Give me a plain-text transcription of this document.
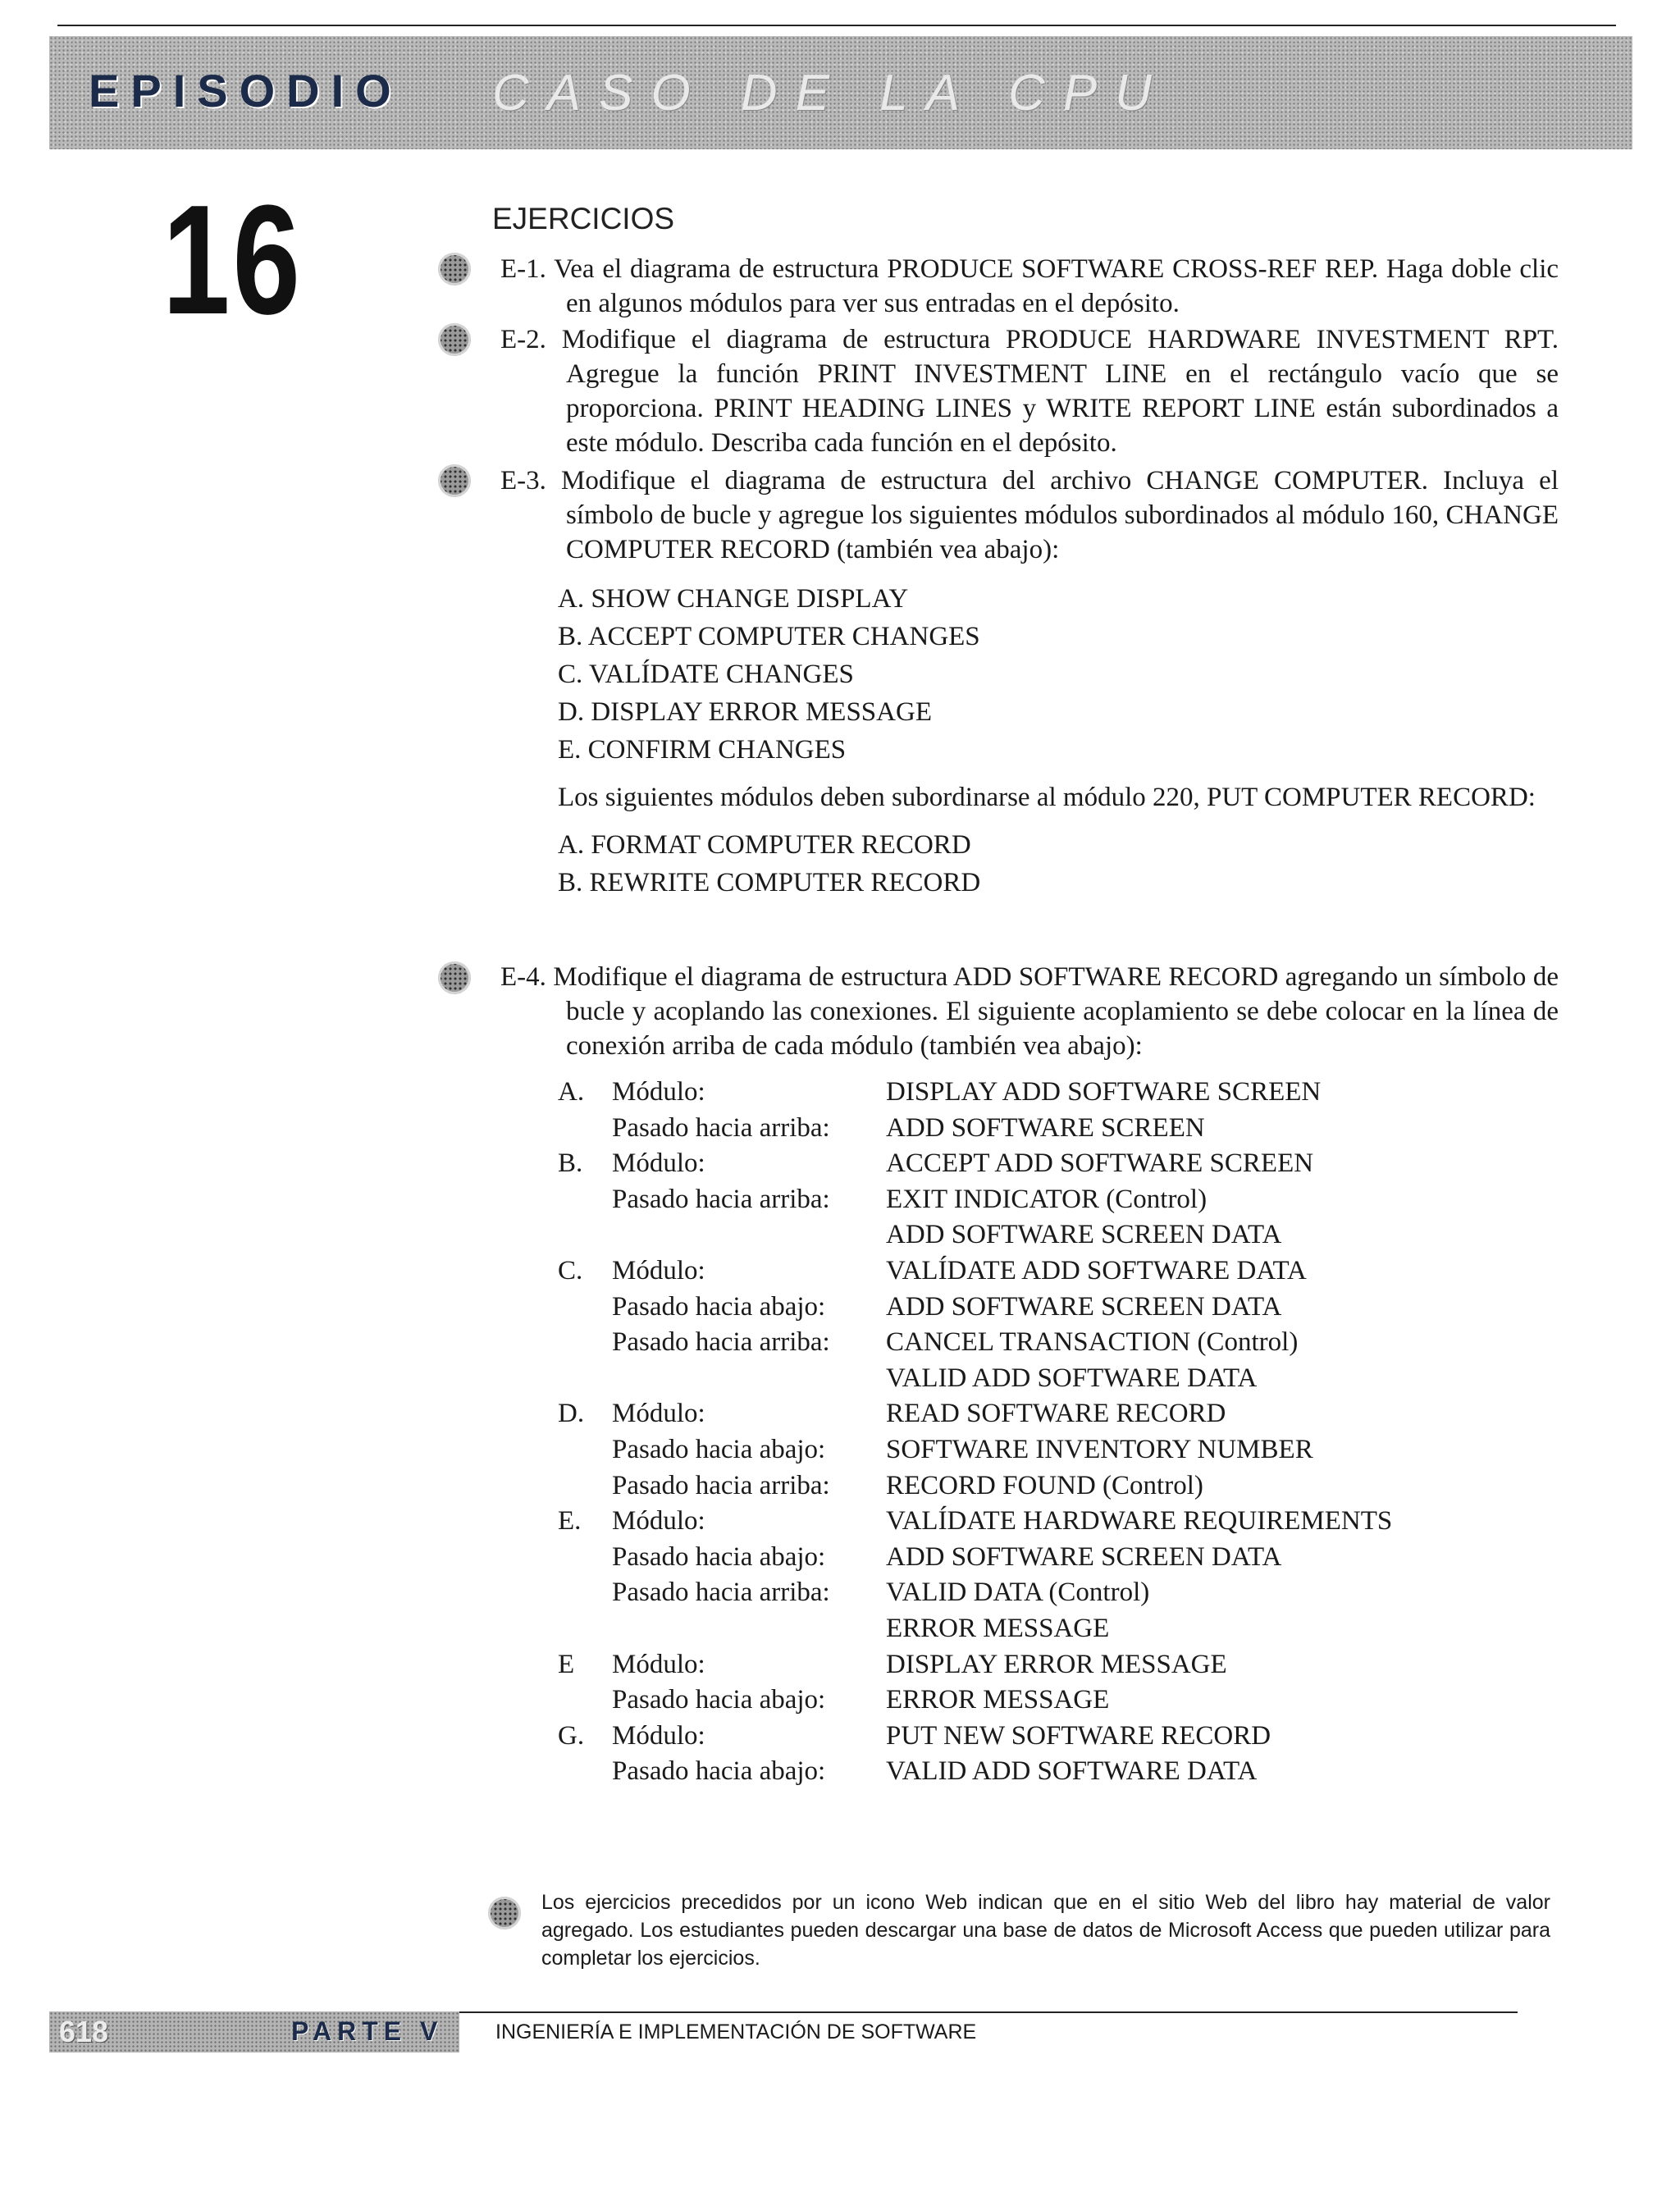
EPISODIO CASO DE LA CPU
16	EJERCICIOS

E-1. Vea el diagrama de estructura PRODUCE SOFTWARE CROSS-REF REP. Haga doble clic en algunos módulos para ver sus entradas en el depósito.

E-2. Modifique el diagrama de estructura PRODUCE HARDWARE INVESTMENT RPT. Agregue la función PRINT INVESTMENT LINE en el rectángulo vacío que se proporciona. PRINT HEADING LINES y WRITE REPORT LINE están subordinados a este módulo. Describa cada función en el depósito.

E-3. Modifique el diagrama de estructura del archivo CHANGE COMPUTER. Incluya el símbolo de bucle y agregue los siguientes módulos subordinados al módulo 160, CHANGE COMPUTER RECORD (también vea abajo):

A. SHOW CHANGE DISPLAY
B. ACCEPT COMPUTER CHANGES
C. VALÍDATE CHANGES
D. DISPLAY ERROR MESSAGE
E. CONFIRM CHANGES
Los siguientes módulos deben subordinarse al módulo 220, PUT COMPUTER RECORD:
A. FORMAT COMPUTER RECORD
B. REWRITE COMPUTER RECORD

E-4. Modifique el diagrama de estructura ADD SOFTWARE RECORD agregando un símbolo de bucle y acoplando las conexiones. El siguiente acoplamiento se debe colocar en la línea de conexión arriba de cada módulo (también vea abajo):

A. Módulo:	DISPLAY ADD SOFTWARE SCREEN
Pasado hacia arriba: ADD SOFTWARE SCREEN
B. Módulo:	ACCEPT ADD SOFTWARE SCREEN
Pasado hacia arriba: EXIT INDICATOR (Control)
ADD SOFTWARE SCREEN DATA
C. Módulo:	VALÍDATE ADD SOFTWARE DATA
Pasado hacia abajo: ADD SOFTWARE SCREEN DATA
Pasado hacia arriba: CANCEL TRANSACTION (Control)
VALID ADD SOFTWARE DATA
D. Módulo:	READ SOFTWARE RECORD
Pasado hacia abajo: SOFTWARE INVENTORY NUMBER
Pasado hacia arriba: RECORD FOUND (Control)
E. Módulo:	VALÍDATE HARDWARE REQUIREMENTS
Pasado hacia abajo: ADD SOFTWARE SCREEN DATA
Pasado hacia arriba: VALID DATA (Control)
ERROR MESSAGE
E Módulo:	DISPLAY ERROR MESSAGE
Pasado hacia abajo: ERROR MESSAGE
G. Módulo:	PUT NEW SOFTWARE RECORD
Pasado hacia abajo: VALID ADD SOFTWARE DATA
Los ejercicios precedidos por un icono Web indican que en el sitio Web del libro hay material de valor agregado. Los estudiantes pueden descargar una base de datos de Microsoft Access que pueden utilizar para completar los ejercicios.
618	PARTE V	INGENIERÍA E IMPLEMENTACIÓN DE SOFTWARE
